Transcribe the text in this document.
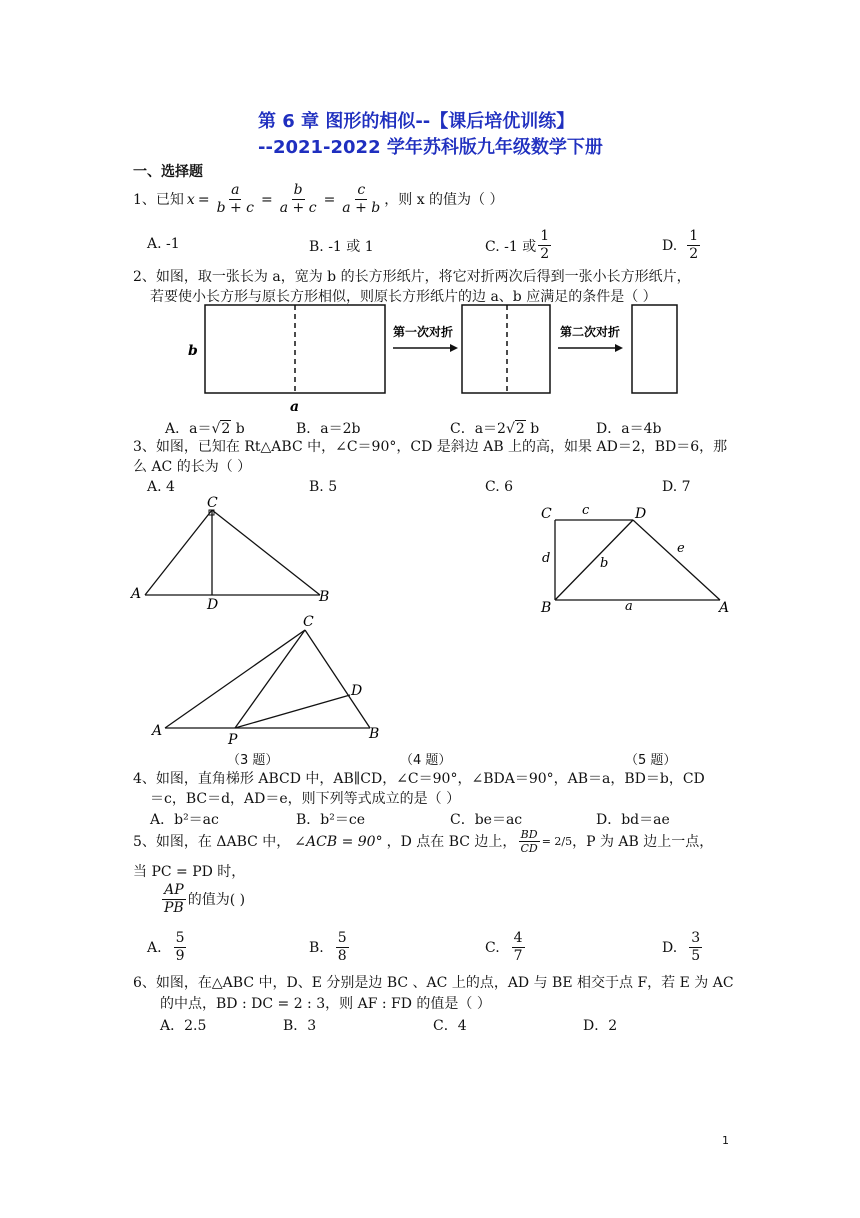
第 6 章 图形的相似--【课后培优训练】
--2021-2022 学年苏科版九年级数学下册
一、选择题
1、 已知 $x = \frac{a}{b + c} = \frac{b}{a + c} = \frac{c}{a + b}$ ，则 x 的值为（ ）
A. -1	B. -1 或 1	C. -1 或 $\frac{1}{2}$	D. $\frac{1}{2}$
2、如图，取一张长为 a，宽为 b 的长方形纸片，将它对折两次后得到一张小长方形纸片，
若要使小长方形与原长方形相似，则原长方形纸片的边 a、b 应满足的条件是（ ）
b
a
第一次对折	第二次对折
A．a＝√2 b	B．a＝2b	C．a＝2√2 b	D．a＝4b
3、如图，已知在 Rt△ABC 中，∠C＝90°，CD 是斜边 AB 上的高，如果 AD＝2，BD＝6，那
么 AC 的长为（ ）
A. 4	B. 5	C. 6	D. 7
C
A
D	B
C c	D
d	b
e
B	a	A
C
D
A
P	B
（3 题）	（4 题）	（5 题）
4、如图，直角梯形 ABCD 中，AB∥CD，∠C＝90°，∠BDA＝90°，AB＝a，BD＝b，CD
＝c，BC＝d，AD＝e，则下列等式成立的是（ ）
A．b²＝ac	B．b²＝ce	C．be＝ac	D．bd＝ae
5、如图，在 ΔABC 中， ∠ACB = 90° ，D 点在 BC 边上， $\frac{BD}{CD} = 2/5$ ，P 为 AB 边上一点，
当 PC = PD 时，
$\frac{AP}{PB}$ 的值为( )
A. $\frac{5}{9}$	B. $\frac{5}{8}$	C. $\frac{4}{7}$	D. $\frac{3}{5}$
6、如图，在△ABC 中，D、E 分别是边 BC 、AC 上的点，AD 与 BE 相交于点 F，若 E 为 AC
的中点，BD : DC = 2 : 3，则 AF : FD 的值是（ ）
A．2.5	B．3	C．4	D．2
1
